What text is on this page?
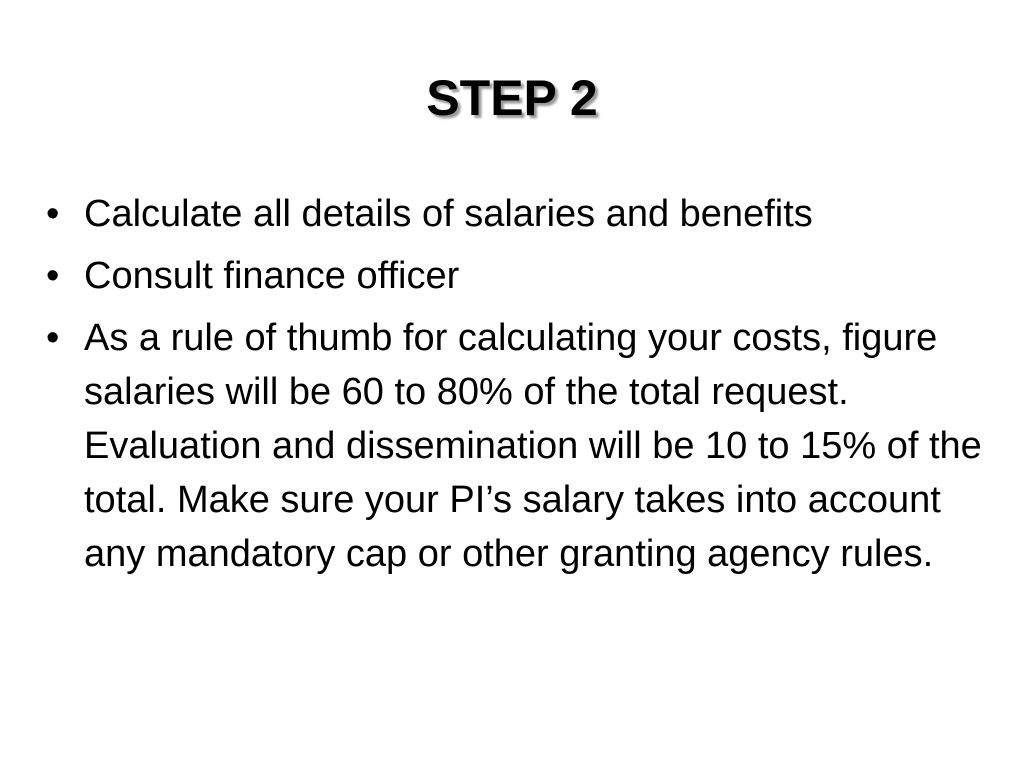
STEP 2
• Calculate all details of salaries and benefits
• Consult finance officer
• As a rule of thumb for calculating your costs, figure salaries will be 60 to 80% of the total request. Evaluation and dissemination will be 10 to 15% of the total. Make sure your PI’s salary takes into account any mandatory cap or other granting agency rules.
